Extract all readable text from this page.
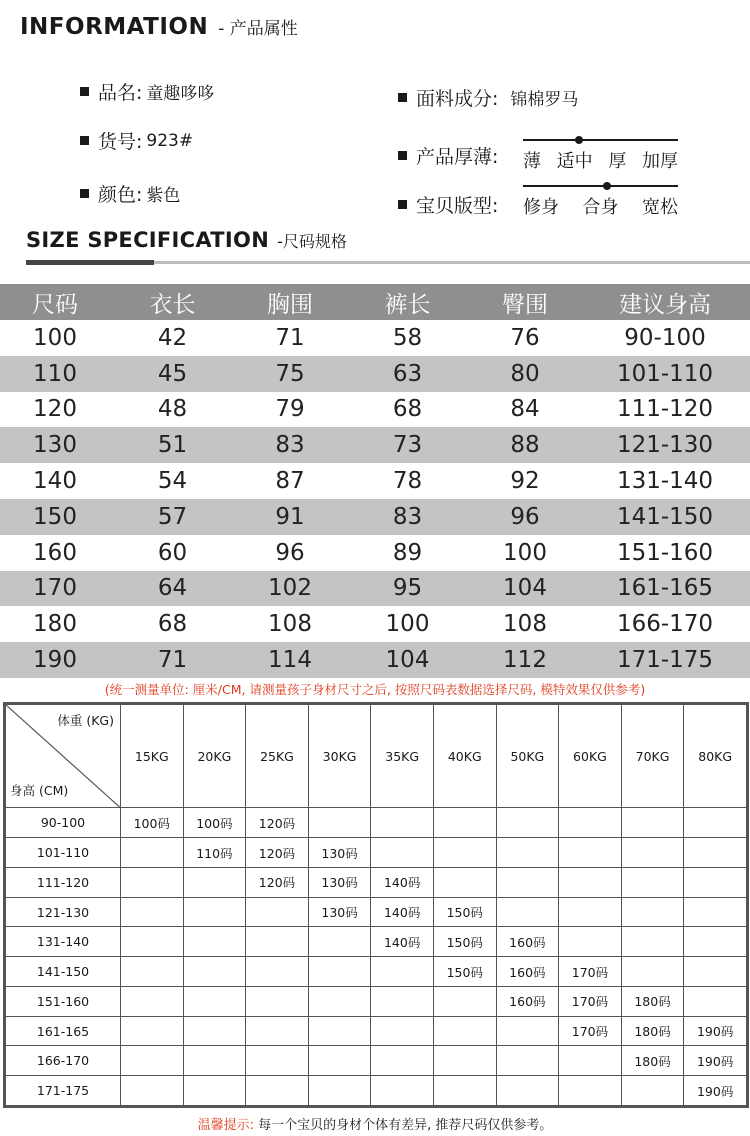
INFORMATION - 产品属性
品名: 童趣哆哆
货号: 923#
颜色: 紫色
面料成分: 锦棉罗马
产品厚薄: 薄 适中 厚 加厚
宝贝版型: 修身 合身 宽松
SIZE SPECIFICATION -尺码规格
尺码	衣长	胸围	裤长	臀围	建议身高
100	42	71	58	76	90-100
110	45	75	63	80	101-110
120	48	79	68	84	111-120
130	51	83	73	88	121-130
140	54	87	78	92	131-140
150	57	91	83	96	141-150
160	60	96	89	100	151-160
170	64	102	95	104	161-165
180	68	108	100	108	166-170
190	71	114	104	112	171-175
(统一测量单位: 厘米/CM, 请测量孩子身材尺寸之后, 按照尺码表数据选择尺码, 模特效果仅供参考)
体重 (KG)
身高 (CM)	15KG	20KG	25KG	30KG	35KG	40KG	50KG	60KG	70KG	80KG
90-100	100码	100码	120码							
101-110		110码	120码	130码						
111-120			120码	130码	140码					
121-130				130码	140码	150码				
131-140					140码	150码	160码			
141-150						150码	160码	170码		
151-160							160码	170码	180码	
161-165								170码	180码	190码
166-170									180码	190码
171-175										190码
温馨提示: 每一个宝贝的身材个体有差异, 推荐尺码仅供参考。
